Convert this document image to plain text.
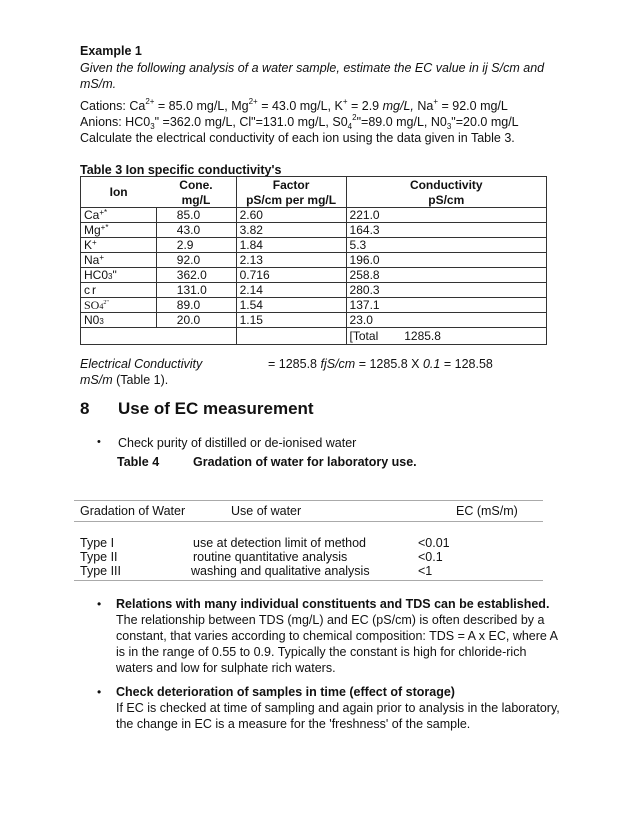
Example 1
Given the following analysis of a water sample, estimate the EC value in ij S/cm and
mS/m.
Cations: $Ca^{2+} = 85.0$ mg/L, $Mg^{2+} = 43.0$ mg/L, K+ = 2.9 mg/L, Na+ = 92.0 mg/L
Anions: $HC0_3$" =362.0 mg/L, Cl"=131.0 mg/L, $S0_4^2"=89.0$ mg/L, $N0_3"=20.0$ mg/L
Calculate the electrical conductivity of each ion using the data given in Table 3.
Table 3 Ion specific conductivity's
Ion	Cone.	Factor	Conductivity
	mg/L	pS/cm per mg/L	pS/cm
Ca+*	85.0	2.60	221.0
Mg+*	43.0	3.82	164.3
K+	2.9	1.84	5.3
Na+	92.0	2.13	196.0
$HC0_3$"	362.0	0.716	258.8
cr	131.0	2.14	280.3
$SO_4^{2"}$	89.0	1.54	137.1
$N0_3$	20.0	1.15	23.0
			[Total 1285.8
Electrical Conductivity	= 1285.8 fjS/cm = 1285.8 X 0.1 = 128.58
mS/m (Table 1).
8 Use of EC measurement
• Check purity of distilled or de-ionised water
Table 4	Gradation of water for laboratory use.
Gradation of Water	Use of water	EC (mS/m)
Type I	use at detection limit of method	<0.01
Type II	routine quantitative analysis	<0.1
Type III	washing and qualitative analysis	<1
• Relations with many individual constituents and TDS can be established.
The relationship between TDS (mg/L) and EC (pS/cm) is often described by a
constant, that varies according to chemical composition: TDS = A x EC, where A
is in the range of 0.55 to 0.9. Typically the constant is high for chloride-rich
waters and low for sulphate rich waters.
• Check deterioration of samples in time (effect of storage)
If EC is checked at time of sampling and again prior to analysis in the laboratory,
the change in EC is a measure for the 'freshness' of the sample.
